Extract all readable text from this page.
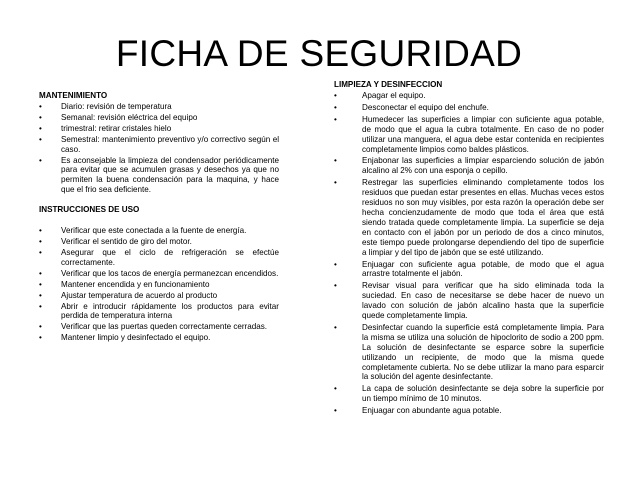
FICHA DE SEGURIDAD
MANTENIMIENTO
• Diario: revisión de temperatura
• Semanal: revisión eléctrica del equipo
• trimestral: retirar cristales hielo
• Semestral: mantenimiento preventivo y/o correctivo según el caso.
• Es aconsejable la limpieza del condensador periódicamente para evitar que se acumulen grasas y desechos ya que no permiten la buena condensación para la maquina, y hace que el frio sea deficiente.
INSTRUCCIONES DE USO
• Verificar que este conectada a la fuente de energía.
• Verificar el sentido de giro del motor.
• Asegurar que el ciclo de refrigeración se efectúe correctamente.
• Verificar que los tacos de energía permanezcan encendidos.
• Mantener encendida y en funcionamiento
• Ajustar temperatura de acuerdo al producto
• Abrir e introducir rápidamente los productos para evitar perdida de temperatura interna
• Verificar que las puertas queden correctamente cerradas.
• Mantener limpio y desinfectado el equipo.
LIMPIEZA Y DESINFECCION
• Apagar el equipo.
• Desconectar el equipo del enchufe.
• Humedecer las superficies a limpiar con suficiente agua potable, de modo que el agua la cubra totalmente. En caso de no poder utilizar una manguera, el agua debe estar contenida en recipientes completamente limpios como baldes plásticos.
• Enjabonar las superficies a limpiar esparciendo solución de jabón alcalino al 2% con una esponja o cepillo.
• Restregar las superficies eliminando completamente todos los residuos que puedan estar presentes en ellas. Muchas veces estos residuos no son muy visibles, por esta razón la operación debe ser hecha concienzudamente de modo que toda el área que está siendo tratada quede completamente limpia. La superficie se deja en contacto con el jabón por un periodo de dos a cinco minutos, este tiempo puede prolongarse dependiendo del tipo de superficie a limpiar y del tipo de jabón que se esté utilizando.
• Enjuagar con suficiente agua potable, de modo que el agua arrastre totalmente el jabón.
• Revisar visual para verificar que ha sido eliminada toda la suciedad. En caso de necesitarse se debe hacer de nuevo un lavado con solución de jabón alcalino hasta que la superficie quede completamente limpia.
• Desinfectar cuando la superficie está completamente limpia. Para la misma se utiliza una solución de hipoclorito de sodio a 200 ppm. La solución de desinfectante se esparce sobre la superficie utilizando un recipiente, de modo que la misma quede completamente cubierta. No se debe utilizar la mano para esparcir la solución del agente desinfectante.
• La capa de solución desinfectante se deja sobre la superficie por un tiempo mínimo de 10 minutos.
• Enjuagar con abundante agua potable.
